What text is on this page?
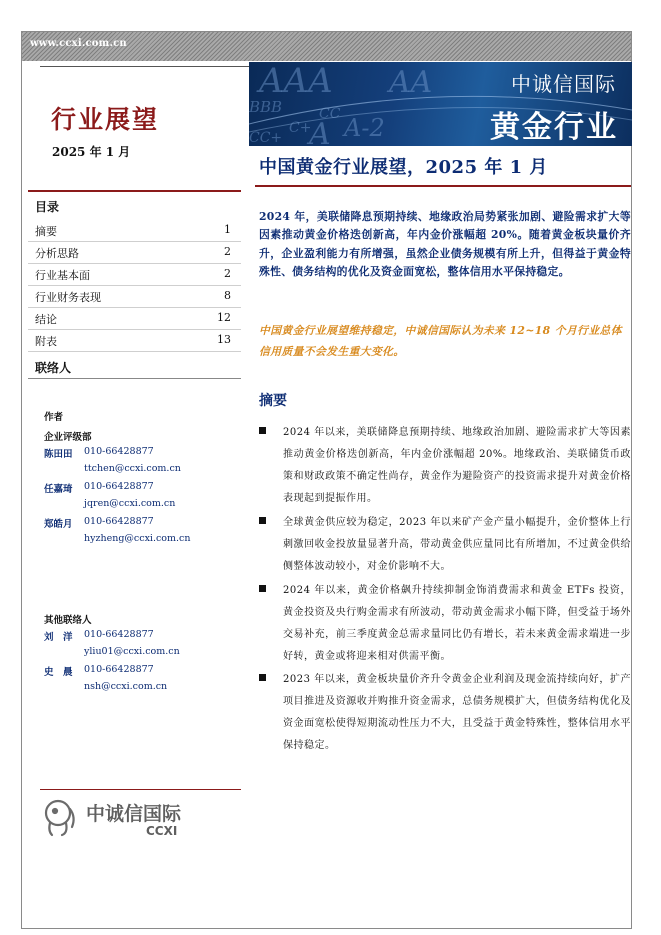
www.ccxi.com.cn
AAA
BBB	CC
AA
A-2
C+
CC+ A
中诚信国际
黄金行业
行业展望
2025 年 1 月
目录
摘要	1
分析思路	2
行业基本面	2
行业财务表现	8
结论	12
附表	13
联络人
作者
企业评级部
陈田田 010-66428877
ttchen@ccxi.com.cn
任嘉琦 010-66428877
jqren@ccxi.com.cn
郑皓月 010-66428877
hyzheng@ccxi.com.cn
其他联络人
刘　洋 010-66428877
yliu01@ccxi.com.cn
史　晨 010-66428877
nsh@ccxi.com.cn
中诚信国际
CCXI
中国黄金行业展望，2025 年 1 月
2024 年，美联储降息预期持续、地缘政治局势紧张加剧、避险需求扩大等因素推动黄金价格迭创新高，年内金价涨幅超 20%。随着黄金板块量价齐升，企业盈利能力有所增强，虽然企业债务规模有所上升，但得益于黄金特殊性、债务结构的优化及资金面宽松，整体信用水平保持稳定。
中国黄金行业展望维持稳定，中诚信国际认为未来 12~18 个月行业总体信用质量不会发生重大变化。
摘要
2024 年以来，美联储降息预期持续、地缘政治加剧、避险需求扩大等因素推动黄金价格迭创新高，年内金价涨幅超 20%。地缘政治、美联储货币政策和财政政策不确定性尚存，黄金作为避险资产的投资需求提升对黄金价格表现起到提振作用。
全球黄金供应较为稳定，2023 年以来矿产金产量小幅提升，金价整体上行刺激回收金投放量显著升高，带动黄金供应量同比有所增加，不过黄金供给侧整体波动较小，对金价影响不大。
2024 年以来，黄金价格飙升持续抑制金饰消费需求和黄金 ETFs 投资，黄金投资及央行购金需求有所波动，带动黄金需求小幅下降，但受益于场外交易补充，前三季度黄金总需求量同比仍有增长，若未来黄金需求端进一步好转，黄金或将迎来相对供需平衡。
2023 年以来，黄金板块量价齐升令黄金企业利润及现金流持续向好，扩产项目推进及资源收并购推升资金需求，总债务规模扩大，但债务结构优化及资金面宽松使得短期流动性压力不大，且受益于黄金特殊性，整体信用水平保持稳定。
